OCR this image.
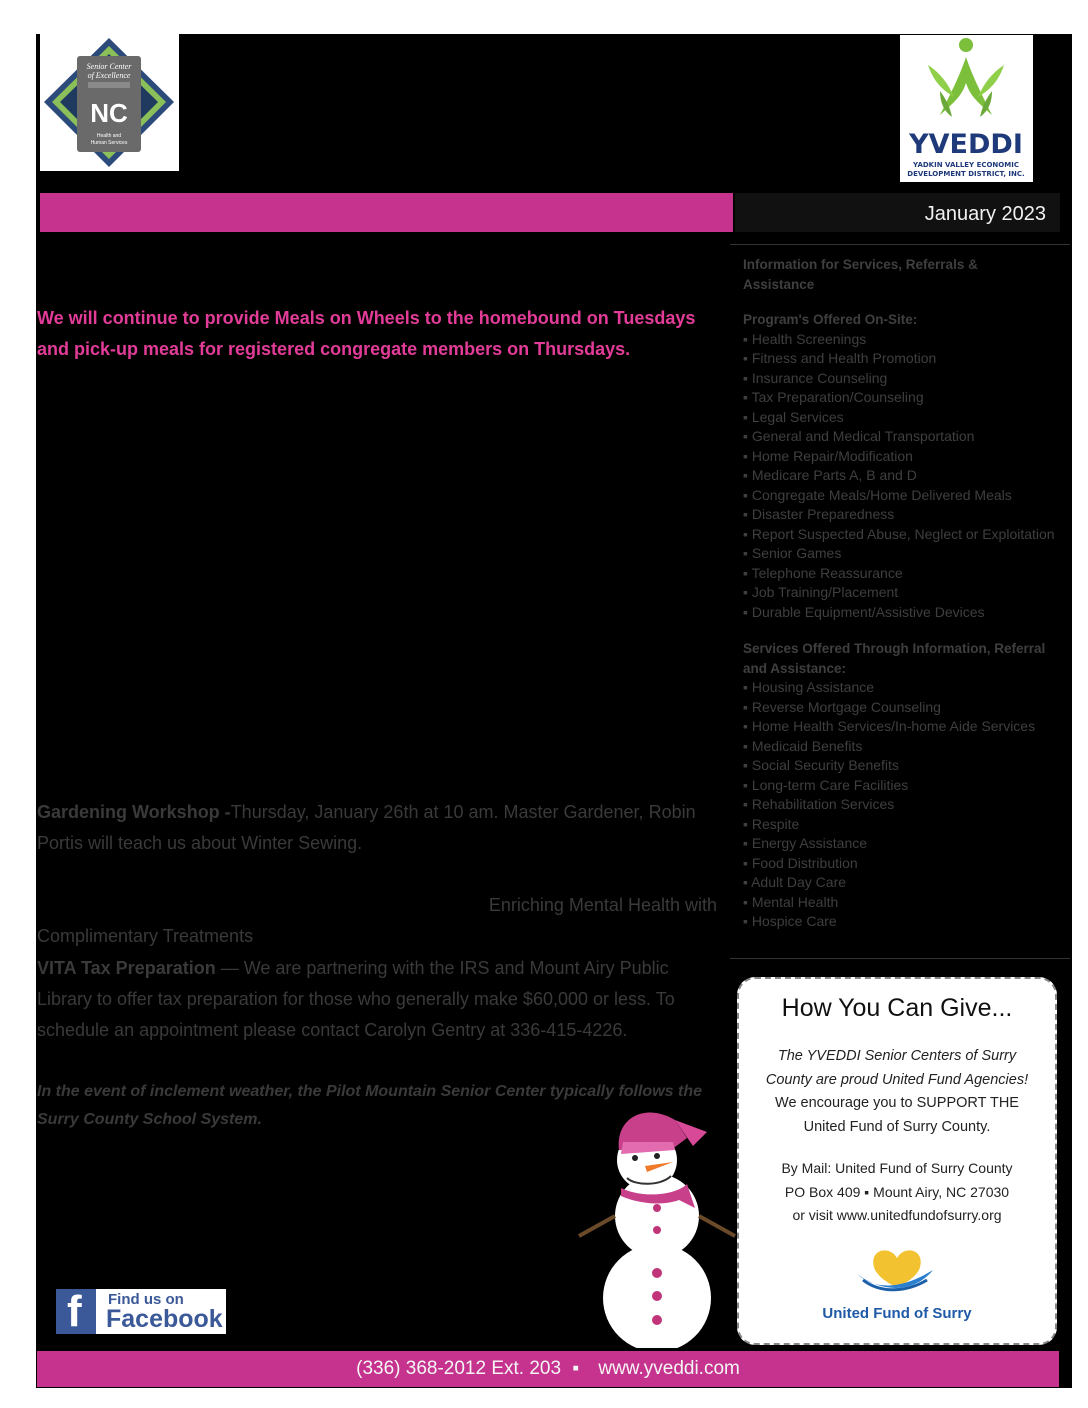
Senior Center
of Excellence
NC
Health and
Human Services	YVEDDI
YADKIN VALLEY ECONOMIC
DEVELOPMENT DISTRICT, INC.
January 2023
We will continue to provide Meals on Wheels to the homebound on Tuesdays
and pick-up meals for registered congregate members on Thursdays.
Gardening Workshop -Thursday, January 26th at 10 am. Master Gardener, Robin
Portis will teach us about Winter Sewing.
Enriching Mental Health with
Complimentary Treatments
VITA Tax Preparation — We are partnering with the IRS and Mount Airy Public
Library to offer tax preparation for those who generally make $60,000 or less. To
schedule an appointment please contact Carolyn Gentry at 336-415-4226.
In the event of inclement weather, the Pilot Mountain Senior Center typically follows the
Surry County School System.
Information for Services, Referrals &
Assistance
Program's Offered On-Site:
▪ Health Screenings
▪ Fitness and Health Promotion
▪ Insurance Counseling
▪ Tax Preparation/Counseling
▪ Legal Services
▪ General and Medical Transportation
▪ Home Repair/Modification
▪ Medicare Parts A, B and D
▪ Congregate Meals/Home Delivered Meals
▪ Disaster Preparedness
▪ Report Suspected Abuse, Neglect or Exploitation
▪ Senior Games
▪ Telephone Reassurance
▪ Job Training/Placement
▪ Durable Equipment/Assistive Devices
Services Offered Through Information, Referral
and Assistance:
▪ Housing Assistance
▪ Reverse Mortgage Counseling
▪ Home Health Services/In-home Aide Services
▪ Medicaid Benefits
▪ Social Security Benefits
▪ Long-term Care Facilities
▪ Rehabilitation Services
▪ Respite
▪ Energy Assistance
▪ Food Distribution
▪ Adult Day Care
▪ Mental Health
▪ Hospice Care
How You Can Give...
The YVEDDI Senior Centers of Surry
County are proud United Fund Agencies!
We encourage you to SUPPORT THE
United Fund of Surry County.
By Mail: United Fund of Surry County
PO Box 409 ▪ Mount Airy, NC 27030
or visit www.unitedfundofsurry.org
United Fund of Surry
f Find us on
Facebook
(336) 368-2012 Ext. 203 ▪ www.yveddi.com
